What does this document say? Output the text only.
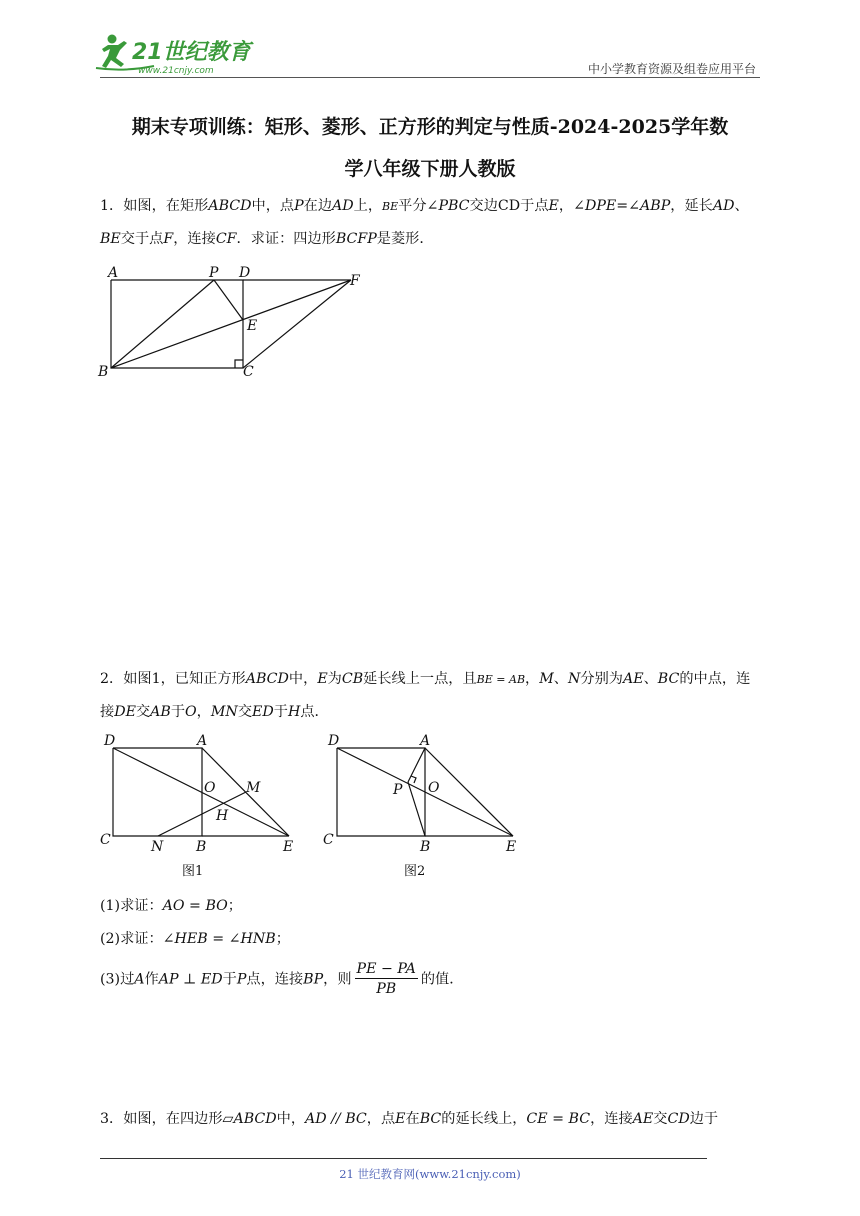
21世纪教育
www.21cnjy.com	中小学教育资源及组卷应用平台
期末专项训练：矩形、菱形、正方形的判定与性质-2024-2025学年数
学八年级下册人教版
1．如图，在矩形ABCD中，点P在边AD上，BE平分∠PBC交边CD于点E，∠DPE=∠ABP，延长AD、BE交于点F，连接CF．求证：四边形BCFP是菱形．
A	P D	F
E
B	C
2．如图1，已知正方形ABCD中，E为CB延长线上一点，且BE = AB，M、N分别为AE、BC的中点，连接DE交AB于O，MN交ED于H点．
D	A
O M
H
C	N B	E
图1
D	A
P O
C	B	E
图2
(1)求证：AO = BO；
(2)求证：∠HEB = ∠HNB；
(3)过A作AP ⊥ ED于P点，连接BP，则 $\frac{PE - PA}{PB}$ 的值．
3．如图，在四边形▱ABCD中，AD // BC，点E在BC的延长线上，CE = BC，连接AE交CD边于
21 世纪教育网(www.21cnjy.com)
